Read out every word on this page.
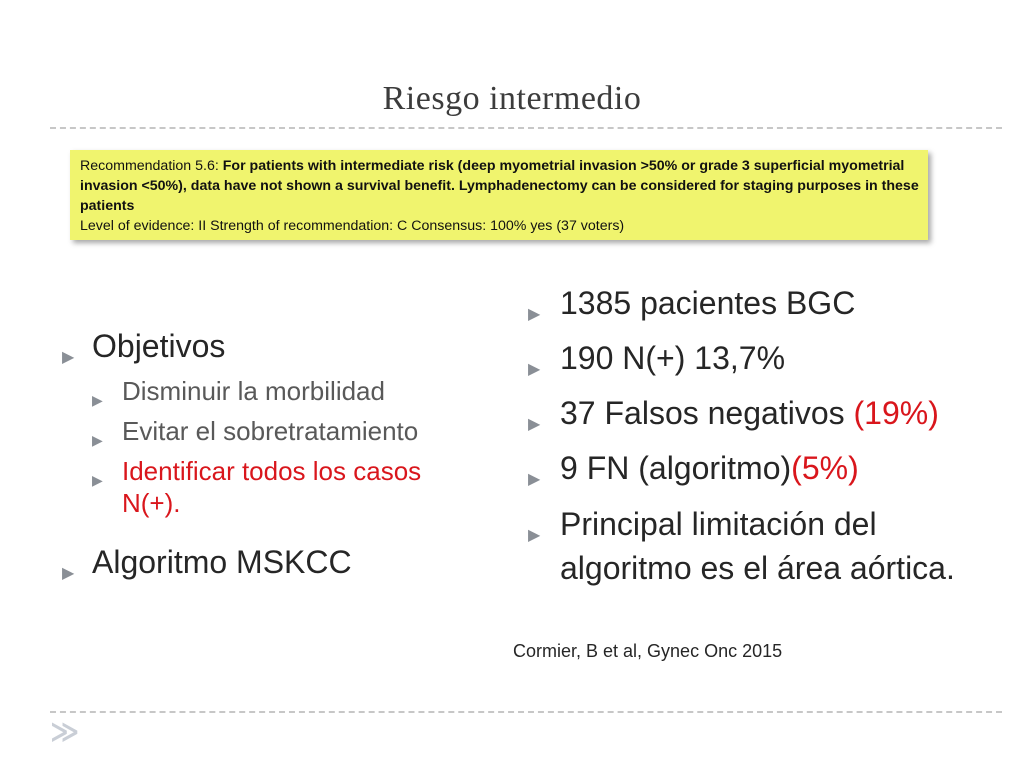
Riesgo intermedio
Recommendation 5.6: For patients with intermediate risk (deep myometrial invasion >50% or grade 3 superficial myometrial invasion <50%), data have not shown a survival benefit. Lymphadenectomy can be considered for staging purposes in these patients
Level of evidence: II Strength of recommendation: C Consensus: 100% yes (37 voters)
▶ Objetivos
▶ Disminuir la morbilidad
▶ Evitar el sobretratamiento
▶ Identificar todos los casos N(+).
▶ Algoritmo MSKCC
▶ 1385 pacientes BGC
▶ 190 N(+) 13,7%
▶ 37 Falsos negativos (19%)
▶ 9 FN (algoritmo)(5%)
▶ Principal limitación del algoritmo es el área aórtica.
Cormier, B et al, Gynec Onc 2015
≫
